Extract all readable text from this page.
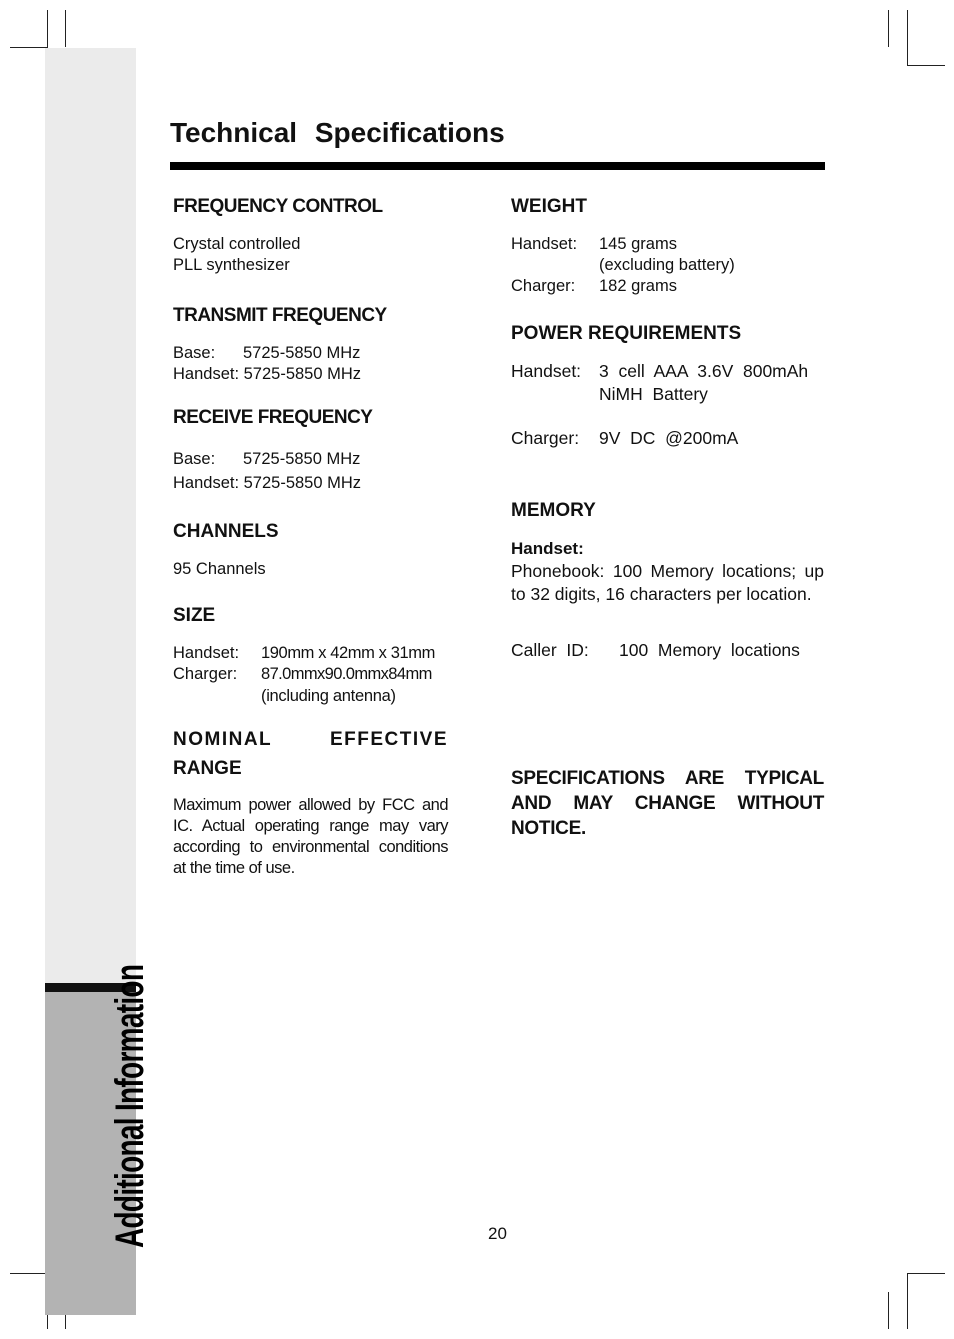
Additional Information
Technical Specifications

FREQUENCY CONTROL

Crystal controlled

PLL synthesizer

TRANSMIT FREQUENCY

Base: 5725-5850 MHz

Handset: 5725-5850 MHz

RECEIVE FREQUENCY

Base: 5725-5850 MHz

Handset: 5725-5850 MHz

CHANNELS

95 Channels

SIZE

Handset: 190mm x 42mm x 31mm

Charger: 87.0mmx90.0mmx84mm

(including antenna)

NOMINAL	EFFECTIVE

RANGE

Maximum power allowed by FCC and IC. Actual operating range may vary according to environmental conditions at the time of use.

WEIGHT

Handset: 145 grams

(excluding battery)

Charger: 182 grams

POWER REQUIREMENTS

Handset: 3  cell  AAA  3.6V  800mAh

NiMH  Battery

Charger: 9V  DC  @200mA

MEMORY

Handset:

Phonebook: 100 Memory locations; up to 32 digits, 16 characters per location.

Caller  ID: 100  Memory  locations

SPECIFICATIONS ARE TYPICAL AND MAY CHANGE WITHOUT NOTICE.

20
